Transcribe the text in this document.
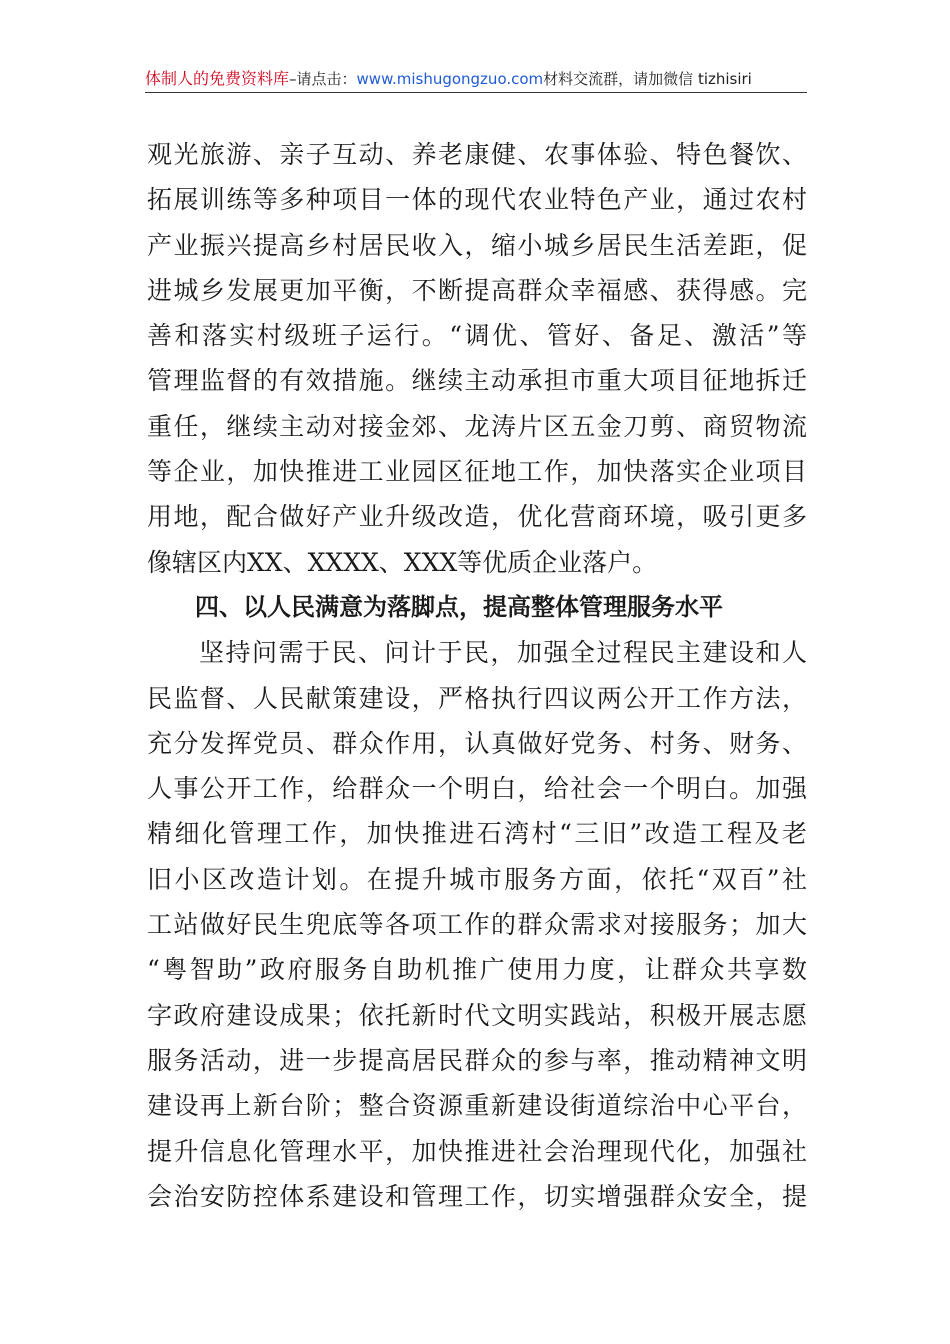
体制人的免费资料库–请点击：www.mishugongzuo.com材料交流群，请加微信 tizhisiri
观光旅游、亲子互动、养老康健、农事体验、特色餐饮、
拓展训练等多种项目一体的现代农业特色产业，通过农村
产业振兴提高乡村居民收入，缩小城乡居民生活差距，促
进城乡发展更加平衡，不断提高群众幸福感、获得感。完
善和落实村级班子运行。“调优、管好、备足、激活”等
管理监督的有效措施。继续主动承担市重大项目征地拆迁
重任，继续主动对接金郊、龙涛片区五金刀剪、商贸物流
等企业，加快推进工业园区征地工作，加快落实企业项目
用地，配合做好产业升级改造，优化营商环境，吸引更多
像辖区内XX、XXXX、XXX等优质企业落户。
四、以人民满意为落脚点，提高整体管理服务水平
坚持问需于民、问计于民，加强全过程民主建设和人
民监督、人民献策建设，严格执行四议两公开工作方法，
充分发挥党员、群众作用，认真做好党务、村务、财务、
人事公开工作，给群众一个明白，给社会一个明白。加强
精细化管理工作，加快推进石湾村“三旧”改造工程及老
旧小区改造计划。在提升城市服务方面，依托“双百”社
工站做好民生兜底等各项工作的群众需求对接服务；加大
“粤智助”政府服务自助机推广使用力度，让群众共享数
字政府建设成果；依托新时代文明实践站，积极开展志愿
服务活动，进一步提高居民群众的参与率，推动精神文明
建设再上新台阶；整合资源重新建设街道综治中心平台，
提升信息化管理水平，加快推进社会治理现代化，加强社
会治安防控体系建设和管理工作，切实增强群众安全，提
